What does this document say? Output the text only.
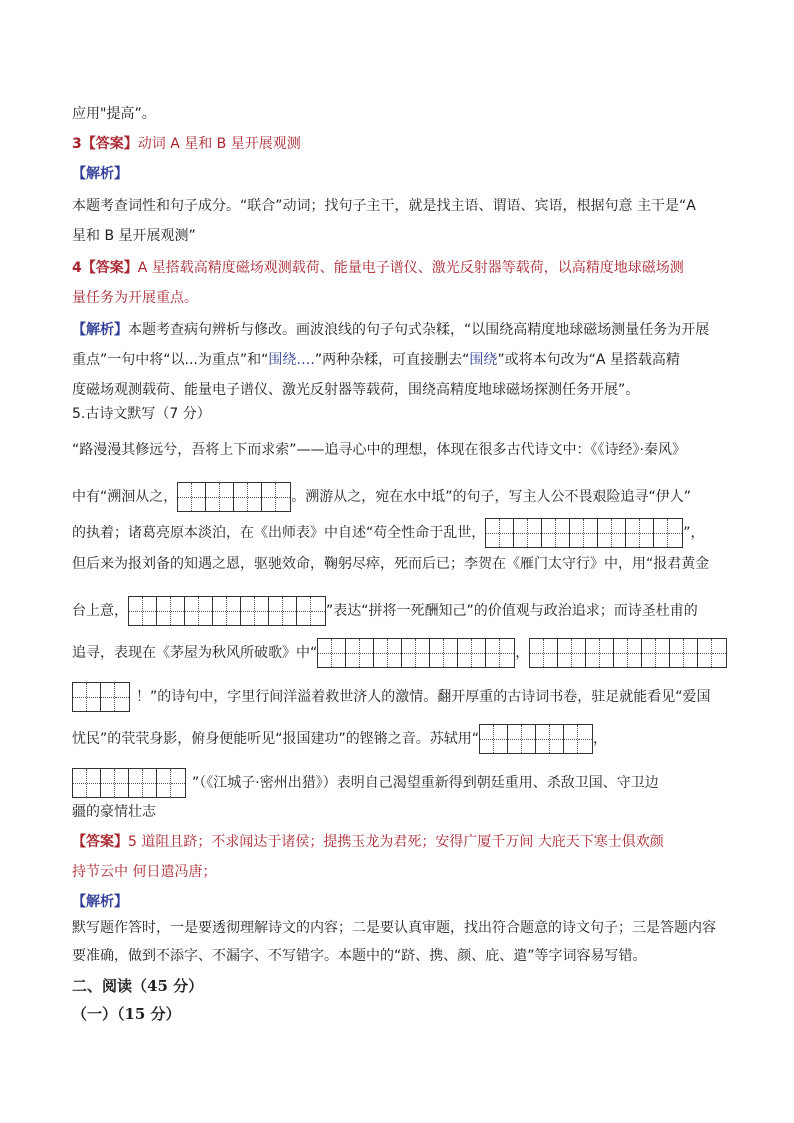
应用"提高”。
3【答案】动词 A 星和 B 星开展观测
【解析】
本题考查词性和句子成分。“联合”动词；找句子主干，就是找主语、谓语、宾语，根据句意 主干是“A
星和 B 星开展观测”
4【答案】A 星搭载高精度磁场观测载荷、能量电子谱仪、激光反射器等载荷，以高精度地球磁场测
量任务为开展重点。
【解析】本题考查病句辨析与修改。画波浪线的句子句式杂糅，“以围绕高精度地球磁场测量任务为开展
重点”一句中将“以...为重点”和“围绕….”两种杂糅，可直接删去“围绕”或将本句改为“A 星搭载高精
度磁场观测载荷、能量电子谱仪、激光反射器等载荷，围绕高精度地球磁场探测任务开展”。
5.古诗文默写（7 分）
“路漫漫其修远兮，吾将上下而求索”——追寻心中的理想，体现在很多古代诗文中：《《诗经》·秦风》
中有“溯洄从之，	。溯游从之，宛在水中坻”的句子，写主人公不畏艰险追寻“伊人”
的执着；诸葛亮原本淡泊，在《出师表》中自述“苟全性命于乱世，	”，
但后来为报刘备的知遇之恩，驱驰效命，鞠躬尽瘁，死而后已；李贺在《雁门太守行》中，用“报君黄金
台上意，	”表达“拼将一死酬知己”的价值观与政治追求；而诗圣杜甫的
追寻，表现在《茅屋为秋风所破歌》中“	，
！”的诗句中，字里行间洋溢着救世济人的激情。翻开厚重的古诗词书卷，驻足就能看见“爱国
忧民”的茕茕身影，俯身便能听见“报国建功”的铿锵之音。苏轼用“	，
”（《江城子·密州出猎》）表明自己渴望重新得到朝廷重用、杀敌卫国、守卫边
疆的豪情壮志
【答案】5 道阻且跻；不求闻达于诸侯；提携玉龙为君死；安得广厦千万间 大庇天下寒士俱欢颜
持节云中 何日遣冯唐；
【解析】
默写题作答时，一是要透彻理解诗文的内容；二是要认真审题，找出符合题意的诗文句子；三是答题内容
要准确，做到不添字、不漏字、不写错字。本题中的“跻、携、颜、庇、遣”等字词容易写错。
二、阅读（45 分）
（一）（15 分）
